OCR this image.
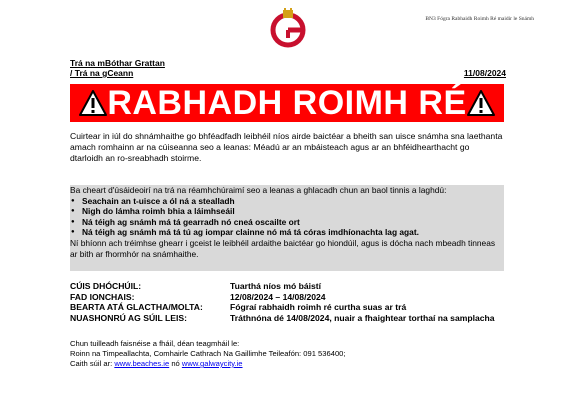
BN3 Fógra Rabhaidh Roimh Ré maidir le Snámh
Trá na mBóthar Grattan
/ Trá na gCeann	11/08/2024
RABHADH ROIMH RÉ
Cuirtear in iúl do shnámhaithe go bhféadfadh leibhéil níos airde baictéar a bheith san uisce snámha sna laethanta amach romhainn ar na cúiseanna seo a leanas: Méadú ar an mbáisteach agus ar an bhféidhearthacht go dtarloidh an ro-sreabhadh stoirme.
Ba cheart d'úsáideoirí na trá na réamhchúraimí seo a leanas a ghlacadh chun an baol tinnis a laghdú:
● Seachain an t-uisce a ól ná a stealladh
● Nigh do lámha roimh bhia a láimhseáil
● Ná téigh ag snámh má tá gearradh nó cneá oscailte ort
● Ná téigh ag snámh má tá tú ag iompar clainne nó má tá córas imdhíonachta lag agat.
Ní bhíonn ach tréimhse ghearr i gceist le leibhéil ardaithe baictéar go hiondúil, agus is dócha nach mbeadh tinneas ar bith ar fhormhór na snámhaithe.
CÚIS DHÓCHÚIL:	Tuarthá níos mó báistí
FAD IONCHAIS:	12/08/2024 – 14/08/2024
BEARTA ATÁ GLACTHA/MOLTA:	Fógraí rabhaidh roimh ré curtha suas ar trá
NUASHONRÚ AG SÚIL LEIS:	Tráthnóna dé 14/08/2024, nuair a fhaightear torthaí na samplacha
Chun tuilleadh faisnéise a fháil, déan teagmháil le:
Roinn na Timpeallachta, Comhairle Cathrach Na Gaillimhe Teileafón: 091 536400;
Caith súil ar: www.beaches.ie nó www.galwaycity.ie
